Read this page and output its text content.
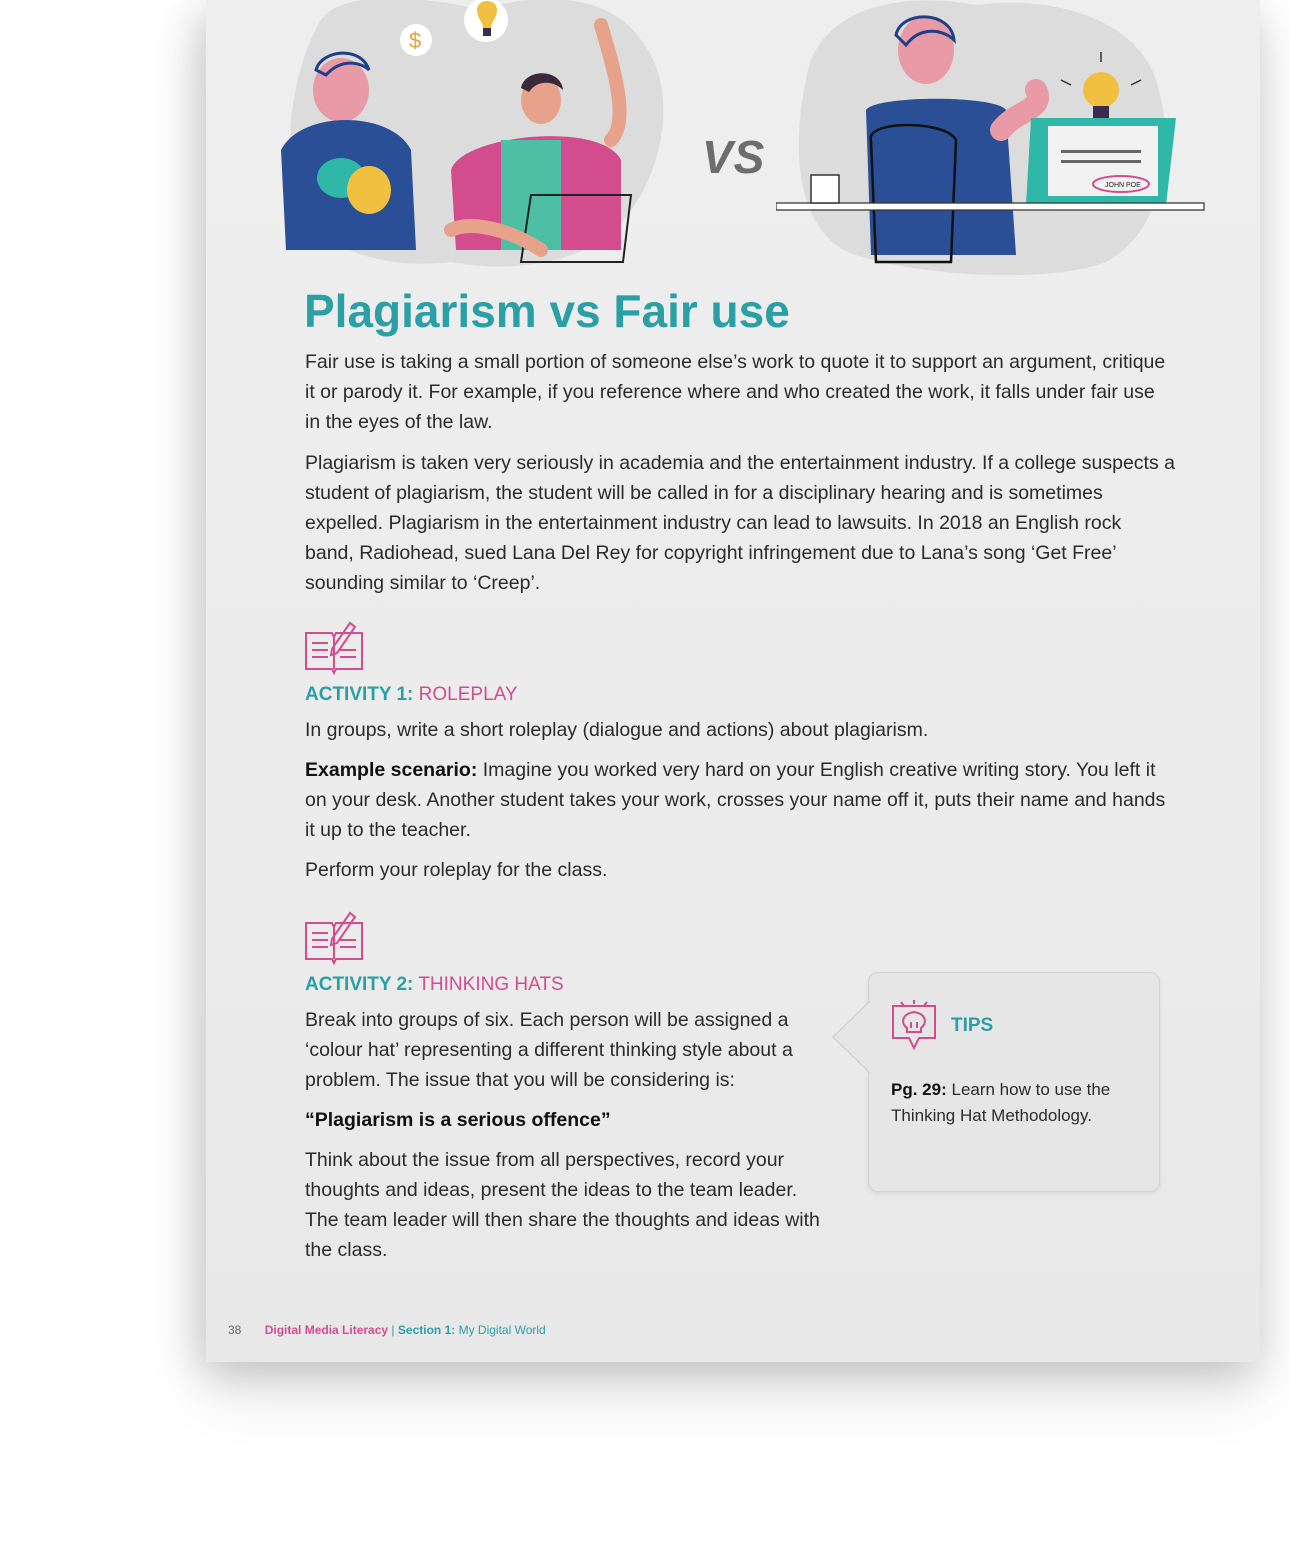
$
VS
JOHN POE
Plagiarism vs Fair use

Fair use is taking a small portion of someone else’s work to quote it to support an argument, critique it or parody it. For example, if you reference where and who created the work, it falls under fair use in the eyes of the law.

Plagiarism is taken very seriously in academia and the entertainment industry. If a college suspects a student of plagiarism, the student will be called in for a disciplinary hearing and is sometimes expelled. Plagiarism in the entertainment industry can lead to lawsuits. In 2018 an English rock band, Radiohead, sued Lana Del Rey for copyright infringement due to Lana’s song ‘Get Free’ sounding similar to ‘Creep’.

ACTIVITY 1: ROLEPLAY

In groups, write a short roleplay (dialogue and actions) about plagiarism.

Example scenario: Imagine you worked very hard on your English creative writing story. You left it on your desk. Another student takes your work, crosses your name off it, puts their name and hands it up to the teacher.

Perform your roleplay for the class.

ACTIVITY 2: THINKING HATS

Break into groups of six. Each person will be assigned a ‘colour hat’ representing a different thinking style about a problem. The issue that you will be considering is:

“Plagiarism is a serious offence”

Think about the issue from all perspectives, record your thoughts and ideas, present the ideas to the team leader. The team leader will then share the thoughts and ideas with the class.

TIPS
Pg. 29: Learn how to use the Thinking Hat Methodology.
38 Digital Media Literacy | Section 1: My Digital World
